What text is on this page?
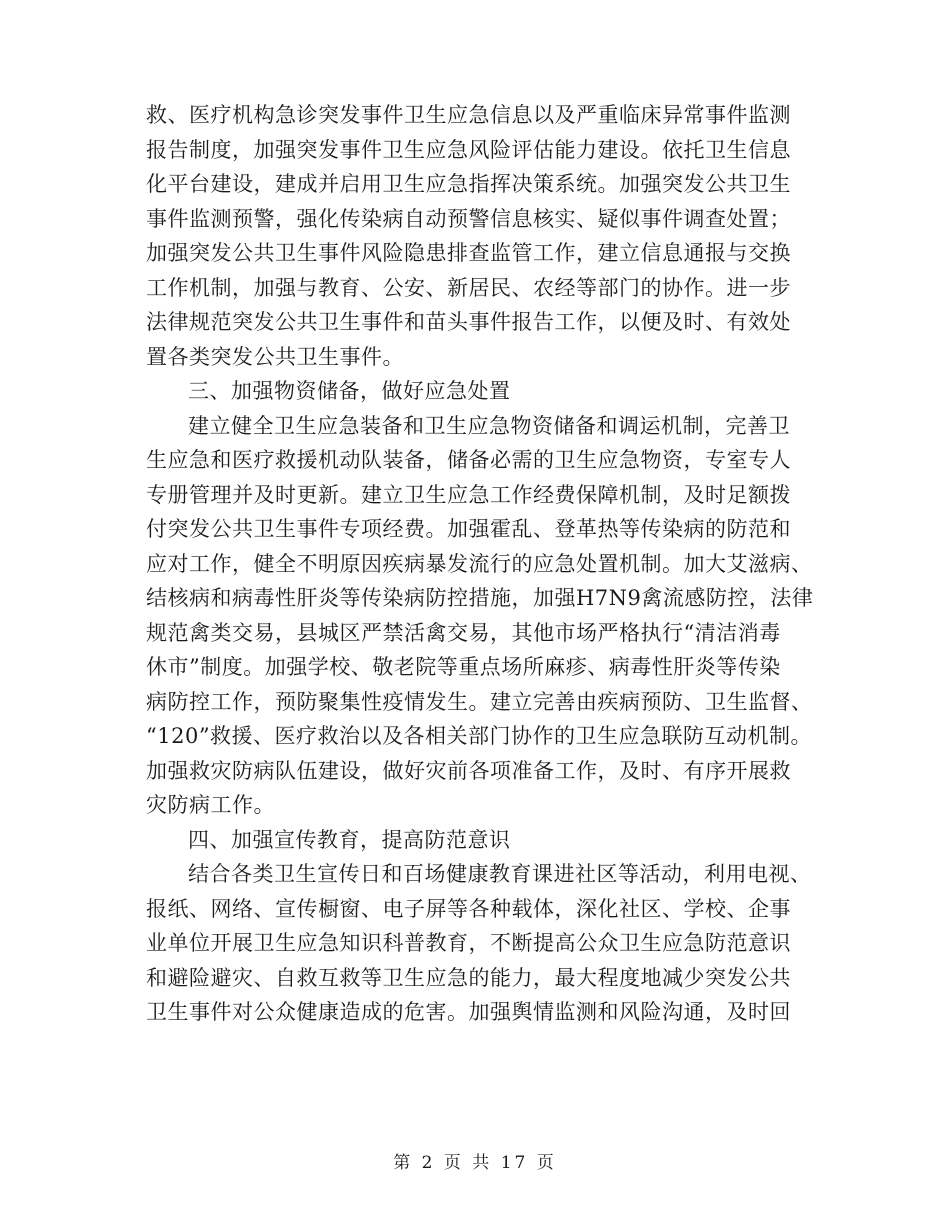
救、医疗机构急诊突发事件卫生应急信息以及严重临床异常事件监测
报告制度，加强突发事件卫生应急风险评估能力建设。依托卫生信息
化平台建设，建成并启用卫生应急指挥决策系统。加强突发公共卫生
事件监测预警，强化传染病自动预警信息核实、疑似事件调查处置；
加强突发公共卫生事件风险隐患排查监管工作，建立信息通报与交换
工作机制，加强与教育、公安、新居民、农经等部门的协作。进一步
法律规范突发公共卫生事件和苗头事件报告工作，以便及时、有效处
置各类突发公共卫生事件。
三、加强物资储备，做好应急处置
建立健全卫生应急装备和卫生应急物资储备和调运机制，完善卫
生应急和医疗救援机动队装备，储备必需的卫生应急物资，专室专人
专册管理并及时更新。建立卫生应急工作经费保障机制，及时足额拨
付突发公共卫生事件专项经费。加强霍乱、登革热等传染病的防范和
应对工作，健全不明原因疾病暴发流行的应急处置机制。加大艾滋病、
结核病和病毒性肝炎等传染病防控措施，加强H7N9禽流感防控，法律
规范禽类交易，县城区严禁活禽交易，其他市场严格执行“清洁消毒
休市”制度。加强学校、敬老院等重点场所麻疹、病毒性肝炎等传染
病防控工作，预防聚集性疫情发生。建立完善由疾病预防、卫生监督、
“120”救援、医疗救治以及各相关部门协作的卫生应急联防互动机制。
加强救灾防病队伍建设，做好灾前各项准备工作，及时、有序开展救
灾防病工作。
四、加强宣传教育，提高防范意识
结合各类卫生宣传日和百场健康教育课进社区等活动，利用电视、
报纸、网络、宣传橱窗、电子屏等各种载体，深化社区、学校、企事
业单位开展卫生应急知识科普教育，不断提高公众卫生应急防范意识
和避险避灾、自救互救等卫生应急的能力，最大程度地减少突发公共
卫生事件对公众健康造成的危害。加强舆情监测和风险沟通，及时回
第 2 页 共 17 页
